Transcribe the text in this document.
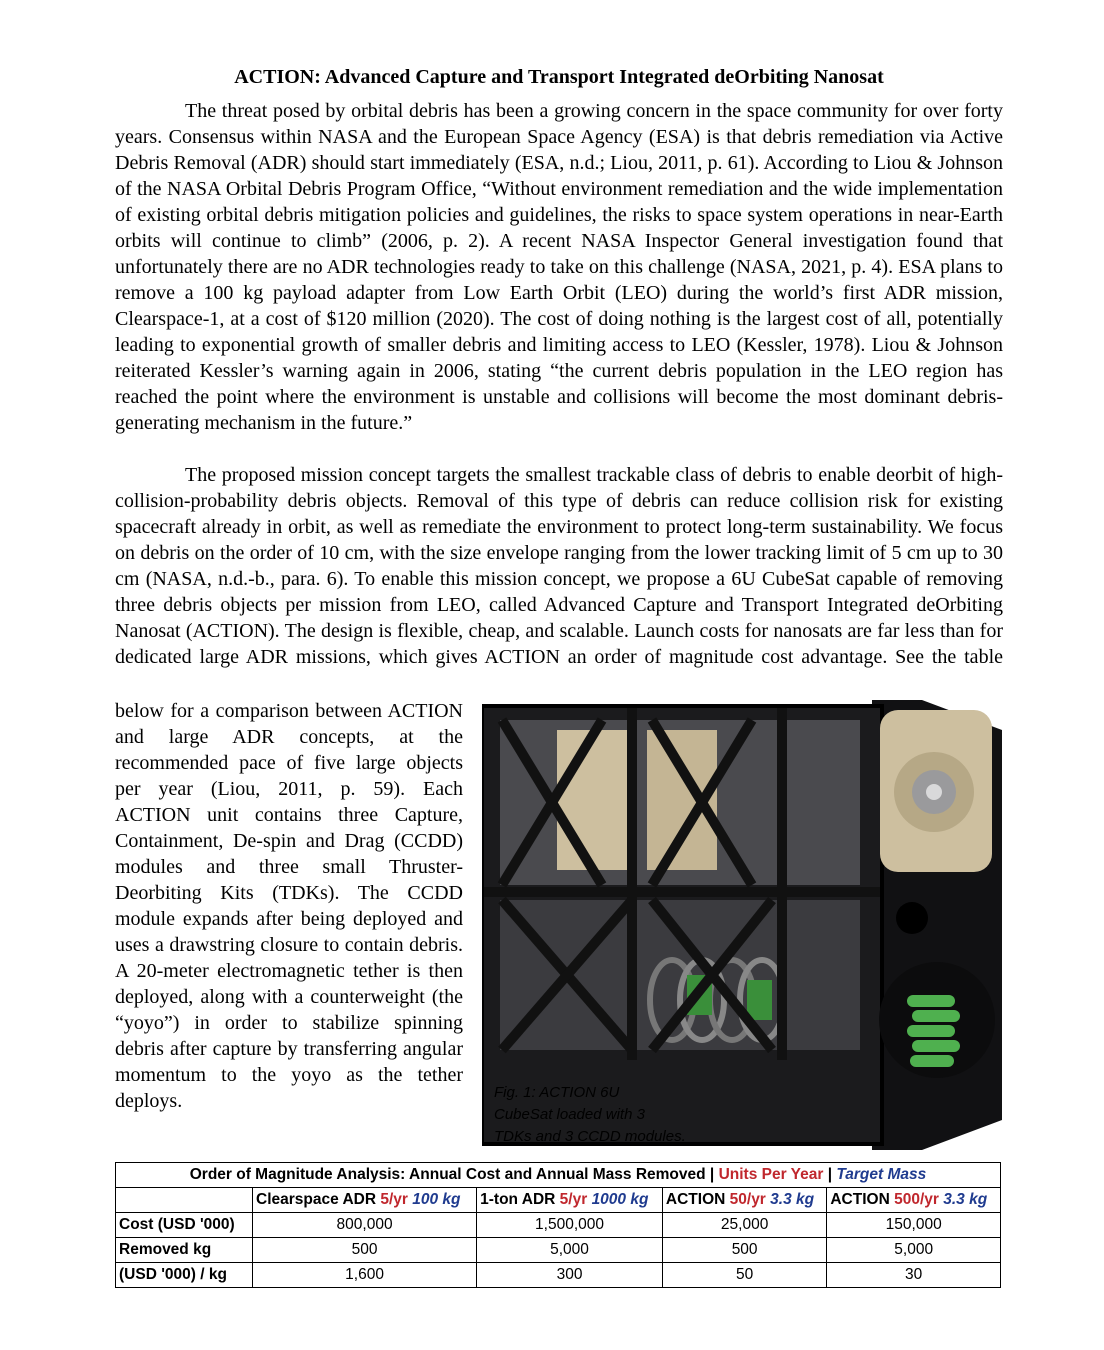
ACTION: Advanced Capture and Transport Integrated deOrbiting Nanosat

The threat posed by orbital debris has been a growing concern in the space community for over forty years. Consensus within NASA and the European Space Agency (ESA) is that debris remediation via Active Debris Removal (ADR) should start immediately (ESA, n.d.; Liou, 2011, p. 61). According to Liou & Johnson of the NASA Orbital Debris Program Office, “Without environment remediation and the wide implementation of existing orbital debris mitigation policies and guidelines, the risks to space system operations in near-Earth orbits will continue to climb” (2006, p. 2). A recent NASA Inspector General investigation found that unfortunately there are no ADR technologies ready to take on this challenge (NASA, 2021, p. 4). ESA plans to remove a 100 kg payload adapter from Low Earth Orbit (LEO) during the world’s first ADR mission, Clearspace-1, at a cost of $120 million (2020). The cost of doing nothing is the largest cost of all, potentially leading to exponential growth of smaller debris and limiting access to LEO (Kessler, 1978). Liou & Johnson reiterated Kessler’s warning again in 2006, stating “the current debris population in the LEO region has reached the point where the environment is unstable and collisions will become the most dominant debris-generating mechanism in the future.”

The proposed mission concept targets the smallest trackable class of debris to enable deorbit of high-collision-probability debris objects. Removal of this type of debris can reduce collision risk for existing spacecraft already in orbit, as well as remediate the environment to protect long-term sustainability. We focus on debris on the order of 10 cm, with the size envelope ranging from the lower tracking limit of 5 cm up to 30 cm (NASA, n.d.-b., para. 6). To enable this mission concept, we propose a 6U CubeSat capable of removing three debris objects per mission from LEO, called Advanced Capture and Transport Integrated deOrbiting Nanosat (ACTION). The design is flexible, cheap, and scalable. Launch costs for nanosats are far less than for dedicated large ADR missions, which gives ACTION an order of magnitude cost advantage. See the table

below for a comparison between ACTION and large ADR concepts, at the recommended pace of five large objects per year (Liou, 2011, p. 59). Each ACTION unit contains three Capture, Containment, De-spin and Drag (CCDD) modules and three small Thruster-Deorbiting Kits (TDKs). The CCDD module expands after being deployed and uses a drawstring closure to contain debris. A 20-meter electromagnetic tether is then deployed, along with a counterweight (the “yoyo”) in order to stabilize spinning debris after capture by transferring angular momentum to the yoyo as the tether deploys.	Fig. 1: ACTION 6U
CubeSat loaded with 3
TDKs and 3 CCDD modules.
Order of Magnitude Analysis: Annual Cost and Annual Mass Removed | Units Per Year | Target Mass				
	Clearspace ADR 5/yr 100 kg	1-ton ADR 5/yr 1000 kg	ACTION 50/yr 3.3 kg	ACTION 500/yr 3.3 kg
Cost (USD '000)	800,000	1,500,000	25,000	150,000
Removed kg	500	5,000	500	5,000
(USD '000) / kg	1,600	300	50	30
